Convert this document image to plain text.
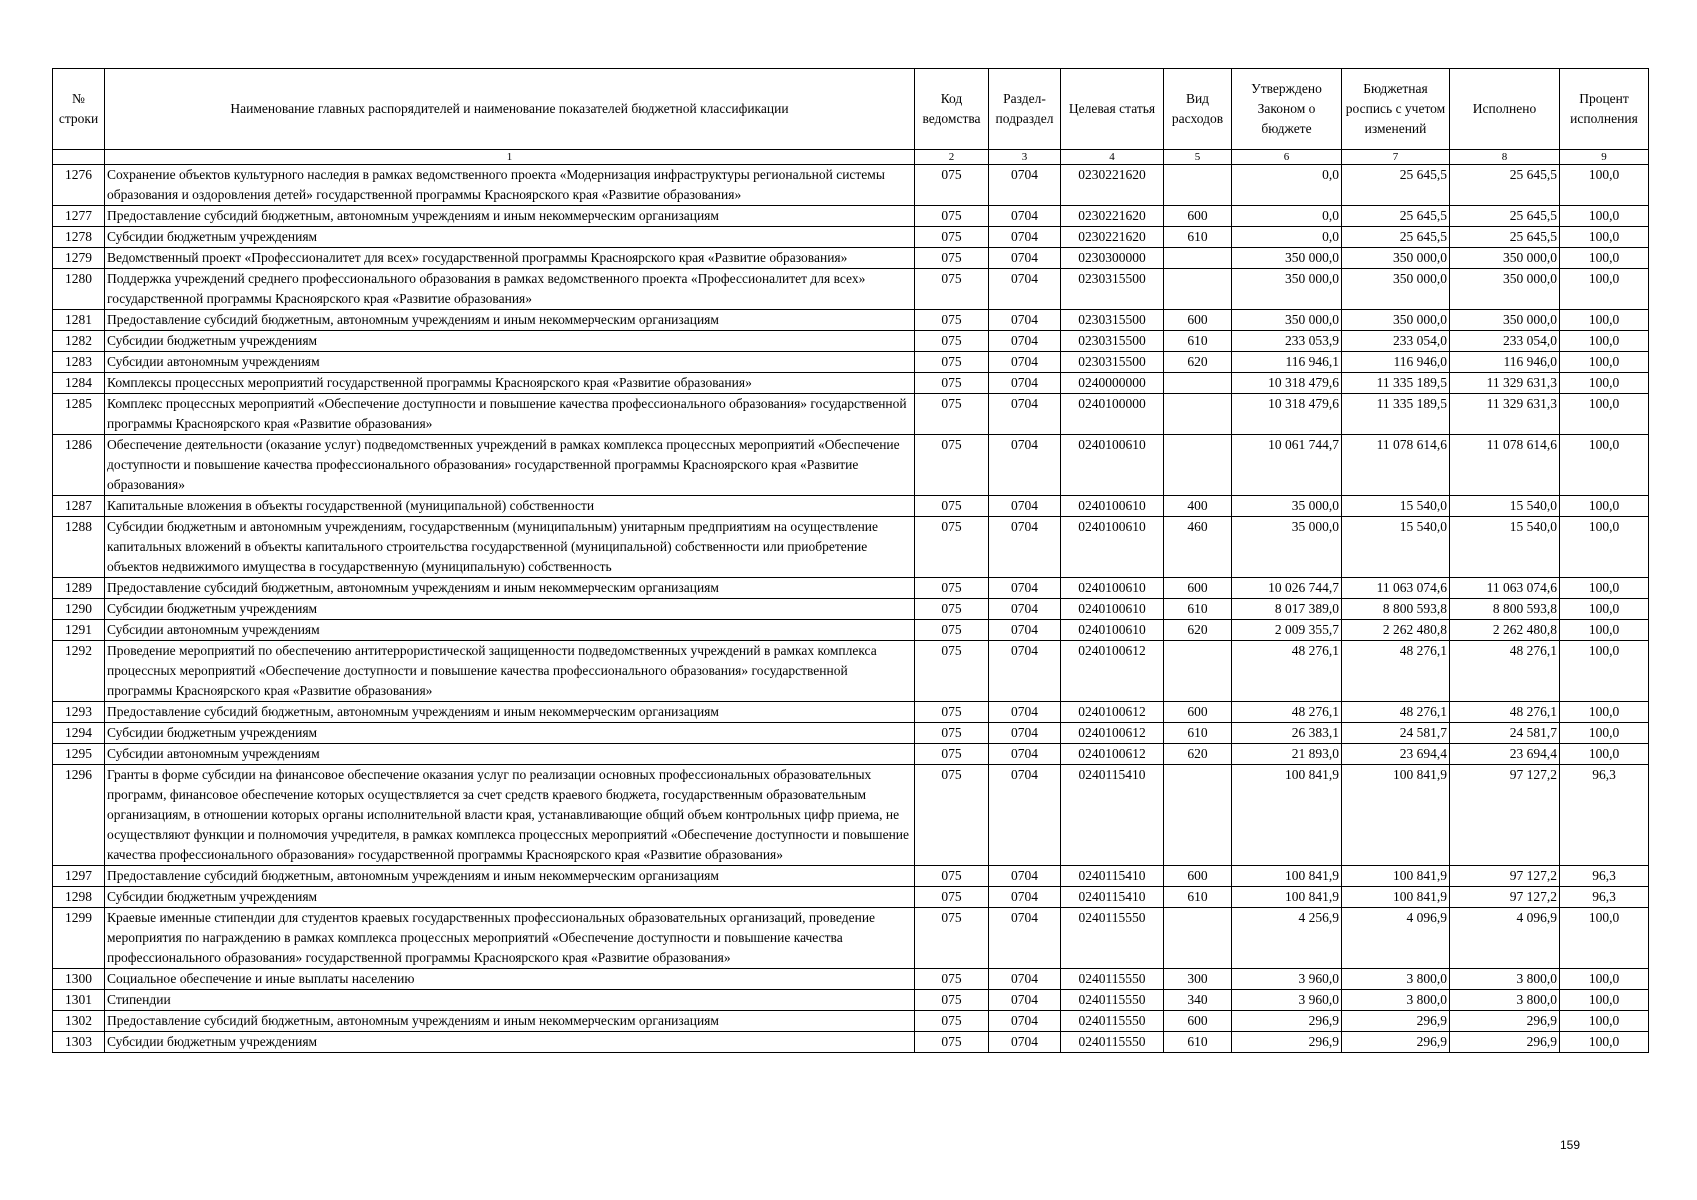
№ строки	Наименование главных распорядителей и наименование показателей бюджетной классификации	Код ведомства	Раздел-подраздел	Целевая статья	Вид расходов	Утверждено Законом о бюджете	Бюджетная роспись с учетом изменений	Исполнено	Процент исполнения
	1	2	3	4	5	6	7	8	9
1276	Сохранение объектов культурного наследия в рамках ведомственного проекта «Модернизация инфраструктуры региональной системы образования и оздоровления детей» государственной программы Красноярского края «Развитие образования»	075	0704	0230221620		0,0	25 645,5	25 645,5	100,0
1277	Предоставление субсидий бюджетным, автономным учреждениям и иным некоммерческим организациям	075	0704	0230221620	600	0,0	25 645,5	25 645,5	100,0
1278	Субсидии бюджетным учреждениям	075	0704	0230221620	610	0,0	25 645,5	25 645,5	100,0
1279	Ведомственный проект «Профессионалитет для всех» государственной программы Красноярского края «Развитие образования»	075	0704	0230300000		350 000,0	350 000,0	350 000,0	100,0
1280	Поддержка учреждений среднего профессионального образования в рамках ведомственного проекта «Профессионалитет для всех» государственной программы Красноярского края «Развитие образования»	075	0704	0230315500		350 000,0	350 000,0	350 000,0	100,0
1281	Предоставление субсидий бюджетным, автономным учреждениям и иным некоммерческим организациям	075	0704	0230315500	600	350 000,0	350 000,0	350 000,0	100,0
1282	Субсидии бюджетным учреждениям	075	0704	0230315500	610	233 053,9	233 054,0	233 054,0	100,0
1283	Субсидии автономным учреждениям	075	0704	0230315500	620	116 946,1	116 946,0	116 946,0	100,0
1284	Комплексы процессных мероприятий государственной программы Красноярского края «Развитие образования»	075	0704	0240000000		10 318 479,6	11 335 189,5	11 329 631,3	100,0
1285	Комплекс процессных мероприятий «Обеспечение доступности и повышение качества профессионального образования» государственной программы Красноярского края «Развитие образования»	075	0704	0240100000		10 318 479,6	11 335 189,5	11 329 631,3	100,0
1286	Обеспечение деятельности (оказание услуг) подведомственных учреждений в рамках комплекса процессных мероприятий «Обеспечение доступности и повышение качества профессионального образования» государственной программы Красноярского края «Развитие образования»	075	0704	0240100610		10 061 744,7	11 078 614,6	11 078 614,6	100,0
1287	Капитальные вложения в объекты государственной (муниципальной) собственности	075	0704	0240100610	400	35 000,0	15 540,0	15 540,0	100,0
1288	Субсидии бюджетным и автономным учреждениям, государственным (муниципальным) унитарным предприятиям на осуществление капитальных вложений в объекты капитального строительства государственной (муниципальной) собственности или приобретение объектов недвижимого имущества в государственную (муниципальную) собственность	075	0704	0240100610	460	35 000,0	15 540,0	15 540,0	100,0
1289	Предоставление субсидий бюджетным, автономным учреждениям и иным некоммерческим организациям	075	0704	0240100610	600	10 026 744,7	11 063 074,6	11 063 074,6	100,0
1290	Субсидии бюджетным учреждениям	075	0704	0240100610	610	8 017 389,0	8 800 593,8	8 800 593,8	100,0
1291	Субсидии автономным учреждениям	075	0704	0240100610	620	2 009 355,7	2 262 480,8	2 262 480,8	100,0
1292	Проведение мероприятий по обеспечению антитеррористической защищенности подведомственных учреждений в рамках комплекса процессных мероприятий «Обеспечение доступности и повышение качества профессионального образования» государственной программы Красноярского края «Развитие образования»	075	0704	0240100612		48 276,1	48 276,1	48 276,1	100,0
1293	Предоставление субсидий бюджетным, автономным учреждениям и иным некоммерческим организациям	075	0704	0240100612	600	48 276,1	48 276,1	48 276,1	100,0
1294	Субсидии бюджетным учреждениям	075	0704	0240100612	610	26 383,1	24 581,7	24 581,7	100,0
1295	Субсидии автономным учреждениям	075	0704	0240100612	620	21 893,0	23 694,4	23 694,4	100,0
1296	Гранты в форме субсидии на финансовое обеспечение оказания услуг по реализации основных профессиональных образовательных программ, финансовое обеспечение которых осуществляется за счет средств краевого бюджета, государственным образовательным организациям, в отношении которых органы исполнительной власти края, устанавливающие общий объем контрольных цифр приема, не осуществляют функции и полномочия учредителя, в рамках комплекса процессных мероприятий «Обеспечение доступности и повышение качества профессионального образования» государственной программы Красноярского края «Развитие образования»	075	0704	0240115410		100 841,9	100 841,9	97 127,2	96,3
1297	Предоставление субсидий бюджетным, автономным учреждениям и иным некоммерческим организациям	075	0704	0240115410	600	100 841,9	100 841,9	97 127,2	96,3
1298	Субсидии бюджетным учреждениям	075	0704	0240115410	610	100 841,9	100 841,9	97 127,2	96,3
1299	Краевые именные стипендии для студентов краевых государственных профессиональных образовательных организаций, проведение мероприятия по награждению в рамках комплекса процессных мероприятий «Обеспечение доступности и повышение качества профессионального образования» государственной программы Красноярского края «Развитие образования»	075	0704	0240115550		4 256,9	4 096,9	4 096,9	100,0
1300	Социальное обеспечение и иные выплаты населению	075	0704	0240115550	300	3 960,0	3 800,0	3 800,0	100,0
1301	Стипендии	075	0704	0240115550	340	3 960,0	3 800,0	3 800,0	100,0
1302	Предоставление субсидий бюджетным, автономным учреждениям и иным некоммерческим организациям	075	0704	0240115550	600	296,9	296,9	296,9	100,0
1303	Субсидии бюджетным учреждениям	075	0704	0240115550	610	296,9	296,9	296,9	100,0
159
